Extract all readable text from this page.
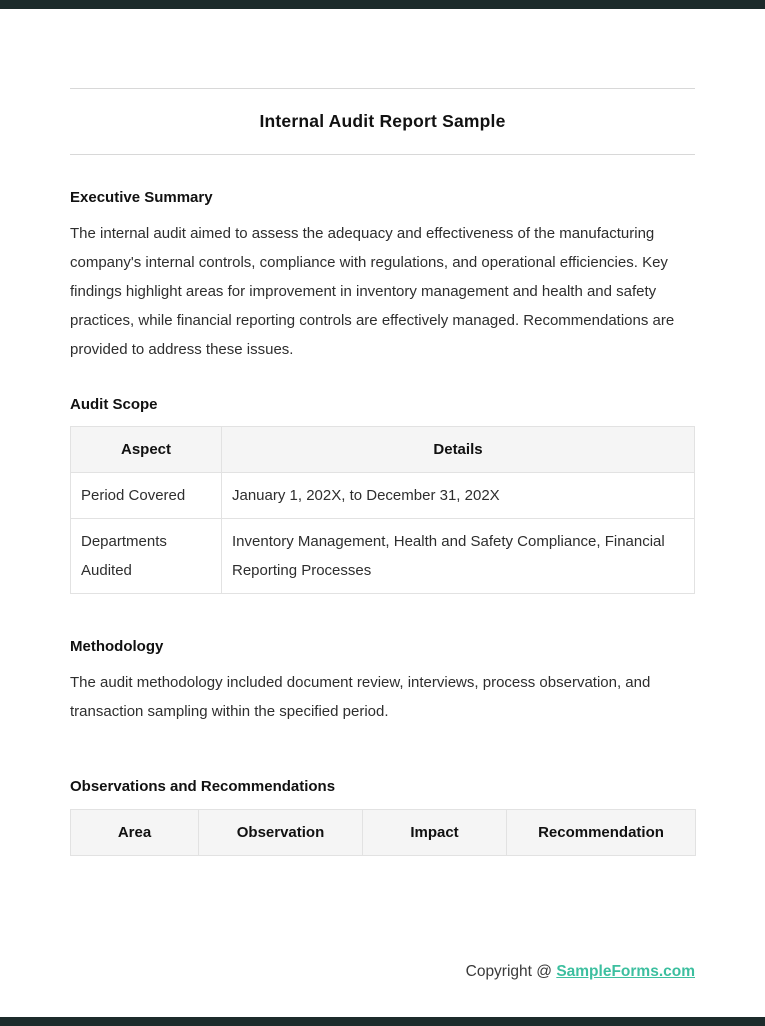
Internal Audit Report Sample
Executive Summary

The internal audit aimed to assess the adequacy and effectiveness of the manufacturing company's internal controls, compliance with regulations, and operational efficiencies. Key findings highlight areas for improvement in inventory management and health and safety practices, while financial reporting controls are effectively managed. Recommendations are provided to address these issues.

Audit Scope
Aspect	Details
Period Covered	January 1, 202X, to December 31, 202X
Departments Audited	Inventory Management, Health and Safety Compliance, Financial Reporting Processes
Methodology

The audit methodology included document review, interviews, process observation, and transaction sampling within the specified period.

Observations and Recommendations
Area	Observation	Impact	Recommendation
Copyright @ SampleForms.com
